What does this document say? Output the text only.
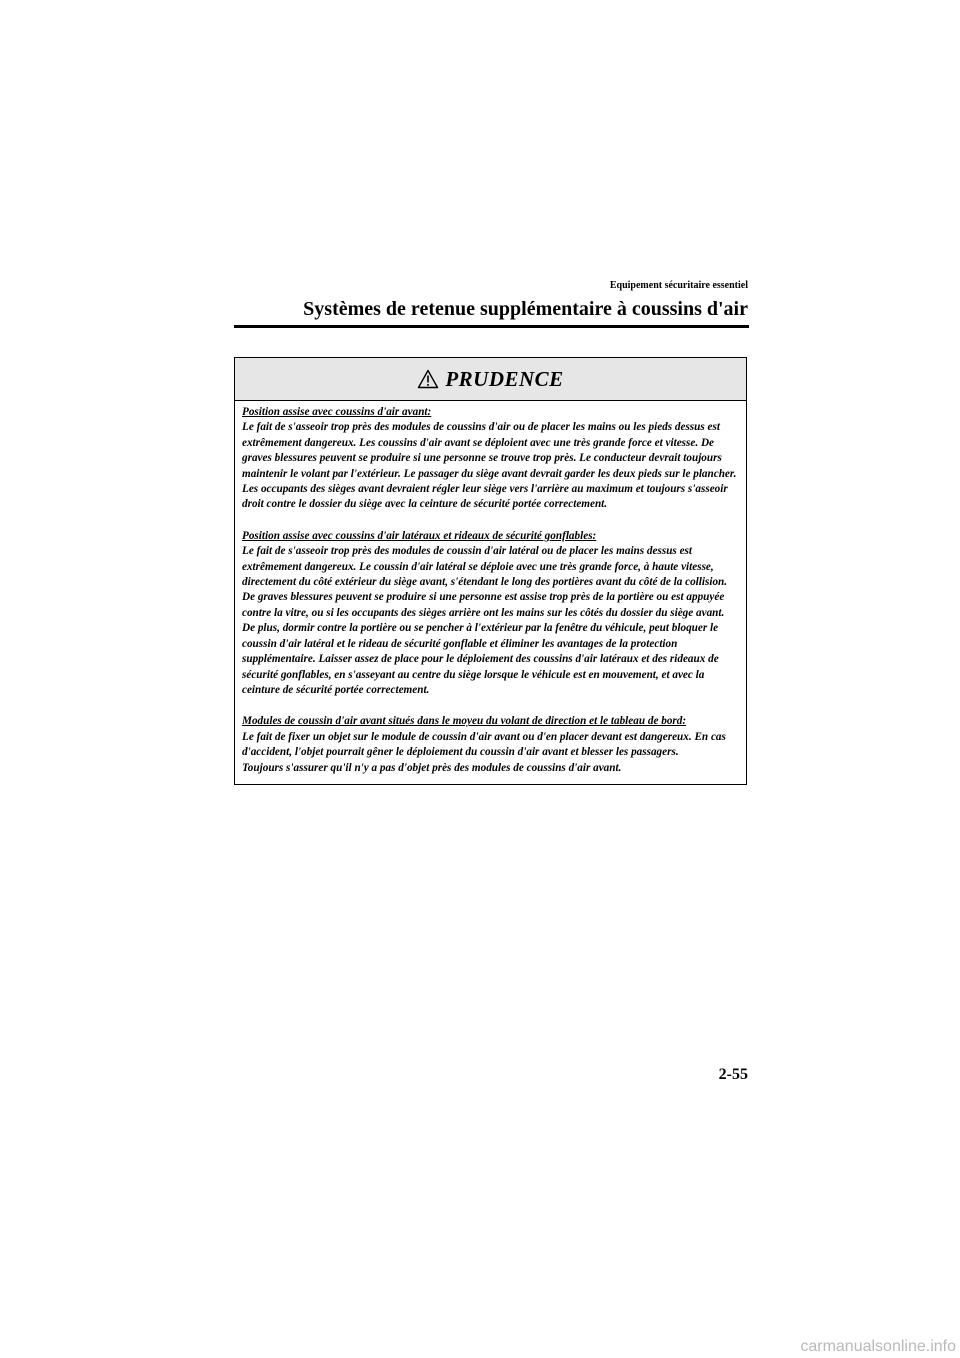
Equipement sécuritaire essentiel
Systèmes de retenue supplémentaire à coussins d'air
PRUDENCE

Position assise avec coussins d'air avant:
Le fait de s'asseoir trop près des modules de coussins d'air ou de placer les mains ou les pieds dessus est extrêmement dangereux. Les coussins d'air avant se déploient avec une très grande force et vitesse. De graves blessures peuvent se produire si une personne se trouve trop près. Le conducteur devrait toujours maintenir le volant par l'extérieur. Le passager du siège avant devrait garder les deux pieds sur le plancher. Les occupants des sièges avant devraient régler leur siège vers l'arrière au maximum et toujours s'asseoir droit contre le dossier du siège avec la ceinture de sécurité portée correctement.

Position assise avec coussins d'air latéraux et rideaux de sécurité gonflables:
Le fait de s'asseoir trop près des modules de coussin d'air latéral ou de placer les mains dessus est extrêmement dangereux. Le coussin d'air latéral se déploie avec une très grande force, à haute vitesse, directement du côté extérieur du siège avant, s'étendant le long des portières avant du côté de la collision. De graves blessures peuvent se produire si une personne est assise trop près de la portière ou est appuyée contre la vitre, ou si les occupants des sièges arrière ont les mains sur les côtés du dossier du siège avant. De plus, dormir contre la portière ou se pencher à l'extérieur par la fenêtre du véhicule, peut bloquer le coussin d'air latéral et le rideau de sécurité gonflable et éliminer les avantages de la protection supplémentaire. Laisser assez de place pour le déploiement des coussins d'air latéraux et des rideaux de sécurité gonflables, en s'asseyant au centre du siège lorsque le véhicule est en mouvement, et avec la ceinture de sécurité portée correctement.

Modules de coussin d'air avant situés dans le moyeu du volant de direction et le tableau de bord:
Le fait de fixer un objet sur le module de coussin d'air avant ou d'en placer devant est dangereux. En cas d'accident, l'objet pourrait gêner le déploiement du coussin d'air avant et blesser les passagers.
Toujours s'assurer qu'il n'y a pas d'objet près des modules de coussins d'air avant.

2-55
carmanualsonline.info
